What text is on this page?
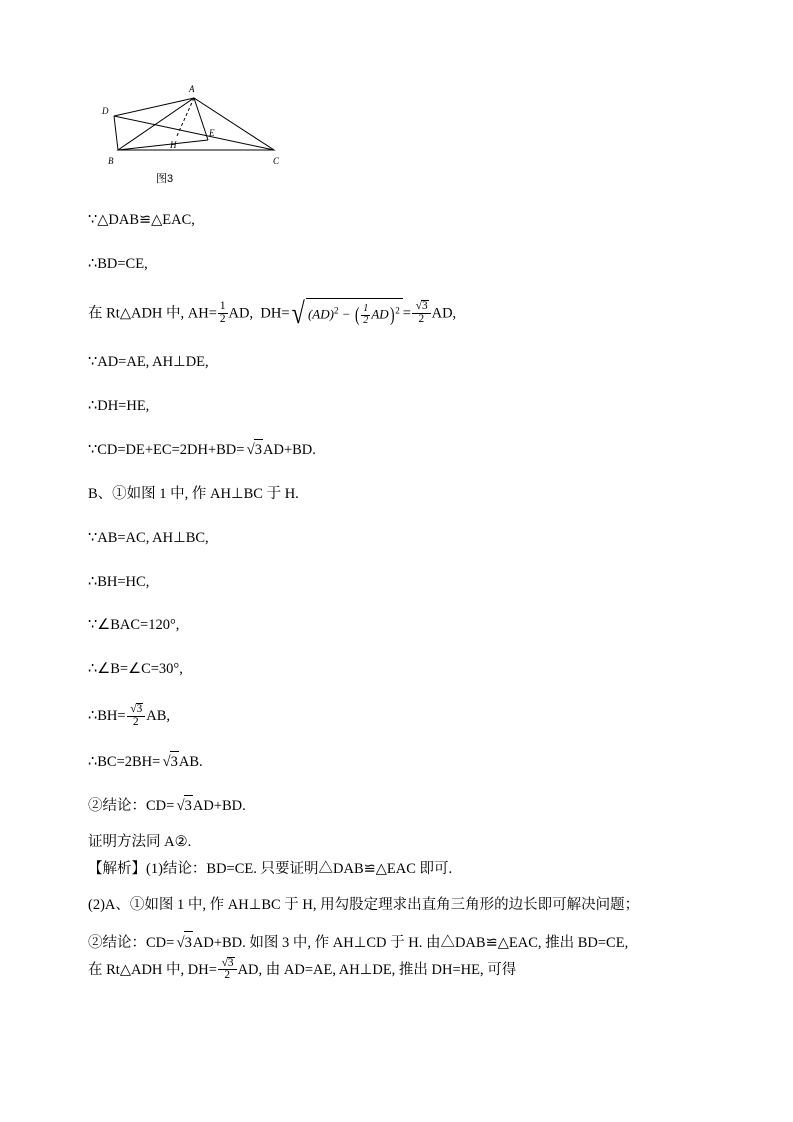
A
D
B	C
E
H
图3

∵△DAB≌△EAC,

∴BD=CE,

在 Rt△ADH 中, $AH= \frac{1}{2}$ AD, DH=√ (AD)$^2$ − ( $\frac{1}{2} AD)^2 = \frac{√3}{2}$ AD,

∵AD=AE, AH⊥DE,

∴DH=HE,

∵CD=DE+EC=2DH+BD= √3AD+BD.

B、①如图 1 中, 作 AH⊥BC 于 H.

∵AB=AC, AH⊥BC,

∴BH=HC,

∵∠BAC=120°,

∴∠B=∠C=30°,

∴BH= $\frac{√3}{2}$ AB,

∴BC=2BH= √3AB.

②结论：CD= √3AD+BD.

证明方法同 A②.

【解析】(1)结论：BD=CE. 只要证明△DAB≌△EAC 即可.

(2)A、①如图 1 中, 作 AH⊥BC 于 H, 用勾股定理求出直角三角形的边长即可解决问题；

②结论：CD= √3AD+BD. 如图 3 中, 作 AH⊥CD 于 H. 由△DAB≌△EAC, 推出 BD=CE,

在 Rt△ADH 中, $DH= \frac{√3}{2}$ AD, 由 AD=AE, AH⊥DE, 推出 DH=HE, 可得
